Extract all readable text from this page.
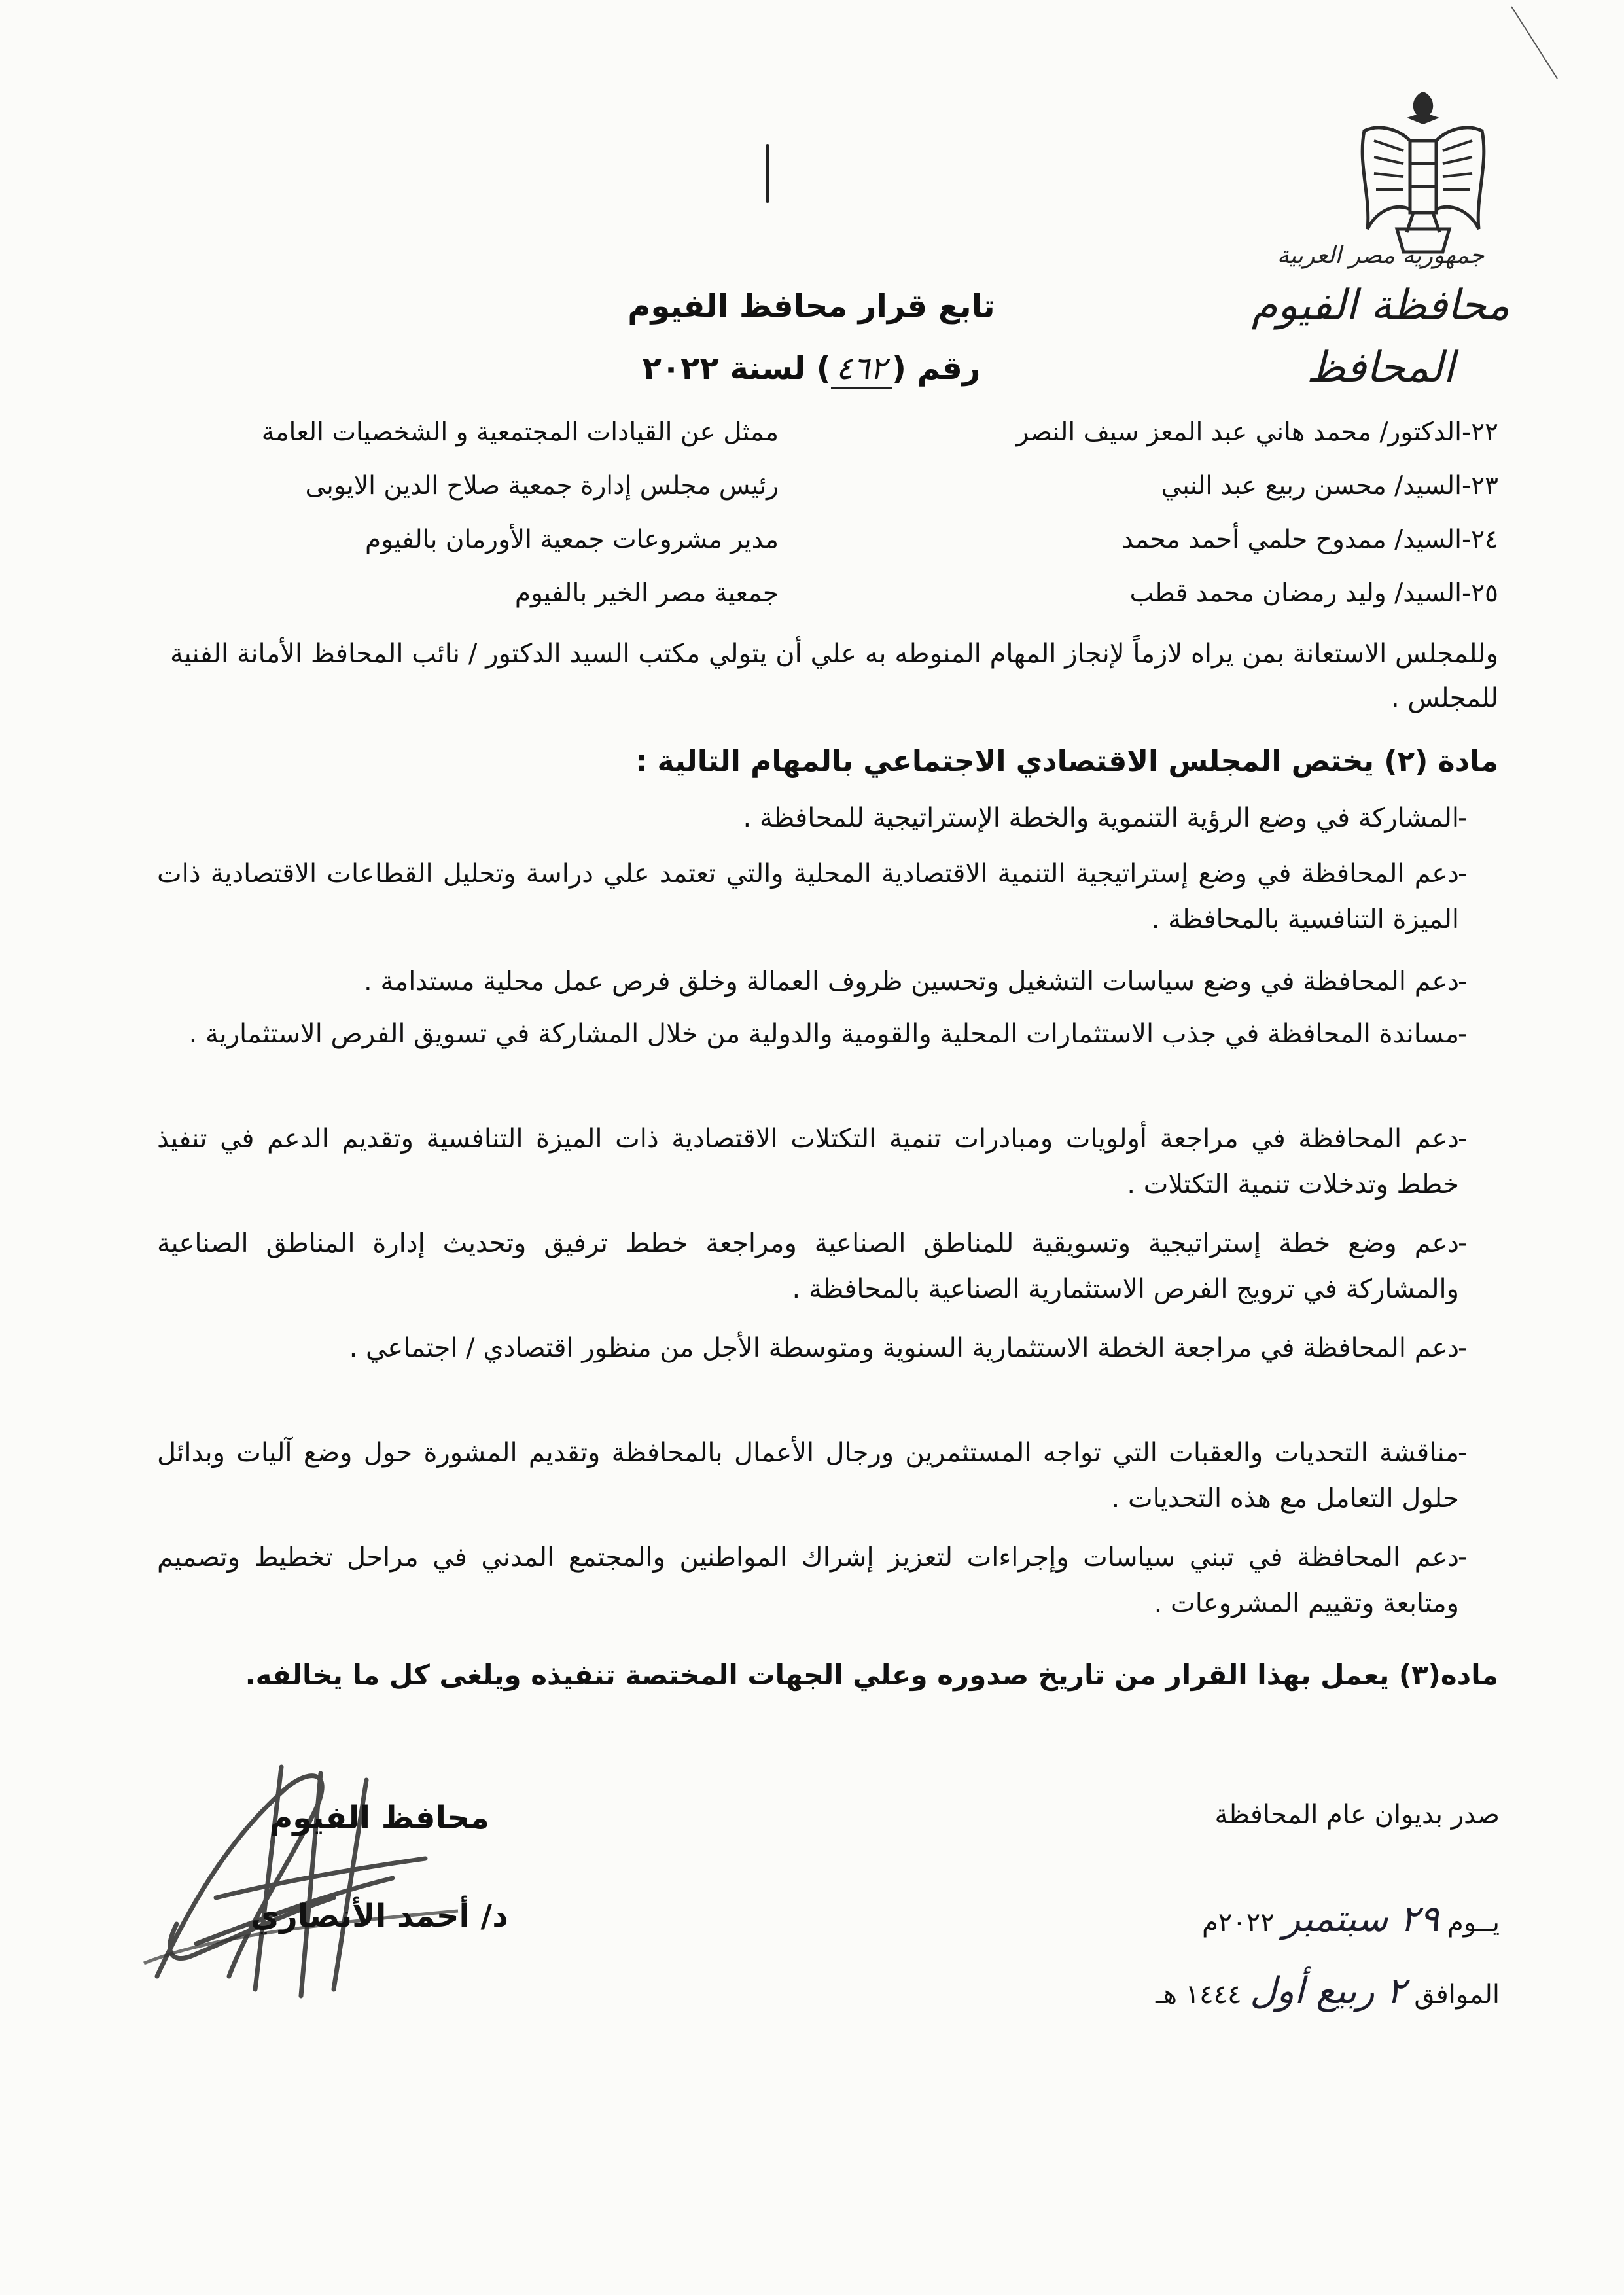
جمهورية مصر العربية
محافظة الفيوم
المحافظ
تابع قرار محافظ الفيوم
رقم (٤٦٢) لسنة ٢٠٢٢
٢٢-الدكتور/ محمد هاني عبد المعز سيف النصر
ممثل عن القيادات المجتمعية و الشخصيات العامة
٢٣-السيد/ محسن ربيع عبد النبي
رئيس مجلس إدارة جمعية صلاح الدين الايوبى
٢٤-السيد/ ممدوح حلمي أحمد محمد
مدير مشروعات جمعية الأورمان بالفيوم
٢٥-السيد/ وليد رمضان محمد قطب
جمعية مصر الخير بالفيوم
وللمجلس الاستعانة بمن يراه لازماً لإنجاز المهام المنوطه به علي أن يتولي مكتب السيد الدكتور / نائب المحافظ الأمانة الفنية للمجلس .
مادة (٢) يختص المجلس الاقتصادي الاجتماعي بالمهام التالية :
المشاركة في وضع الرؤية التنموية والخطة الإستراتيجية للمحافظة .
-
دعم المحافظة في وضع إستراتيجية التنمية الاقتصادية المحلية والتي تعتمد علي دراسة وتحليل القطاعات الاقتصادية ذات الميزة التنافسية بالمحافظة .
-
دعم المحافظة في وضع سياسات التشغيل وتحسين ظروف العمالة وخلق فرص عمل محلية مستدامة .
-
مساندة المحافظة في جذب الاستثمارات المحلية والقومية والدولية من خلال المشاركة في تسويق الفرص الاستثمارية .
-
دعم المحافظة في مراجعة أولويات ومبادرات تنمية التكتلات الاقتصادية ذات الميزة التنافسية وتقديم الدعم في تنفيذ خطط وتدخلات تنمية التكتلات .
-
دعم وضع خطة إستراتيجية وتسويقية للمناطق الصناعية ومراجعة خطط ترفيق وتحديث إدارة المناطق الصناعية والمشاركة في ترويج الفرص الاستثمارية الصناعية بالمحافظة .
-
دعم المحافظة في مراجعة الخطة الاستثمارية السنوية ومتوسطة الأجل من منظور اقتصادي / اجتماعي .
-
مناقشة التحديات والعقبات التي تواجه المستثمرين ورجال الأعمال بالمحافظة وتقديم المشورة حول وضع آليات وبدائل حلول التعامل مع هذه التحديات .
-
دعم المحافظة في تبني سياسات وإجراءات لتعزيز إشراك المواطنين والمجتمع المدني في مراحل تخطيط وتصميم ومتابعة وتقييم المشروعات .
-
ماده(٣) يعمل بهذا القرار من تاريخ صدوره وعلي الجهات المختصة تنفيذه ويلغى كل ما يخالفه.
محافظ الفيوم
د/ أحمد الأنصاري
صدر بديوان عام المحافظة
يــوم ٢٩ سبتمبر ٢٠٢٢م
الموافق ٢ ربيع أول ١٤٤٤ هـ
